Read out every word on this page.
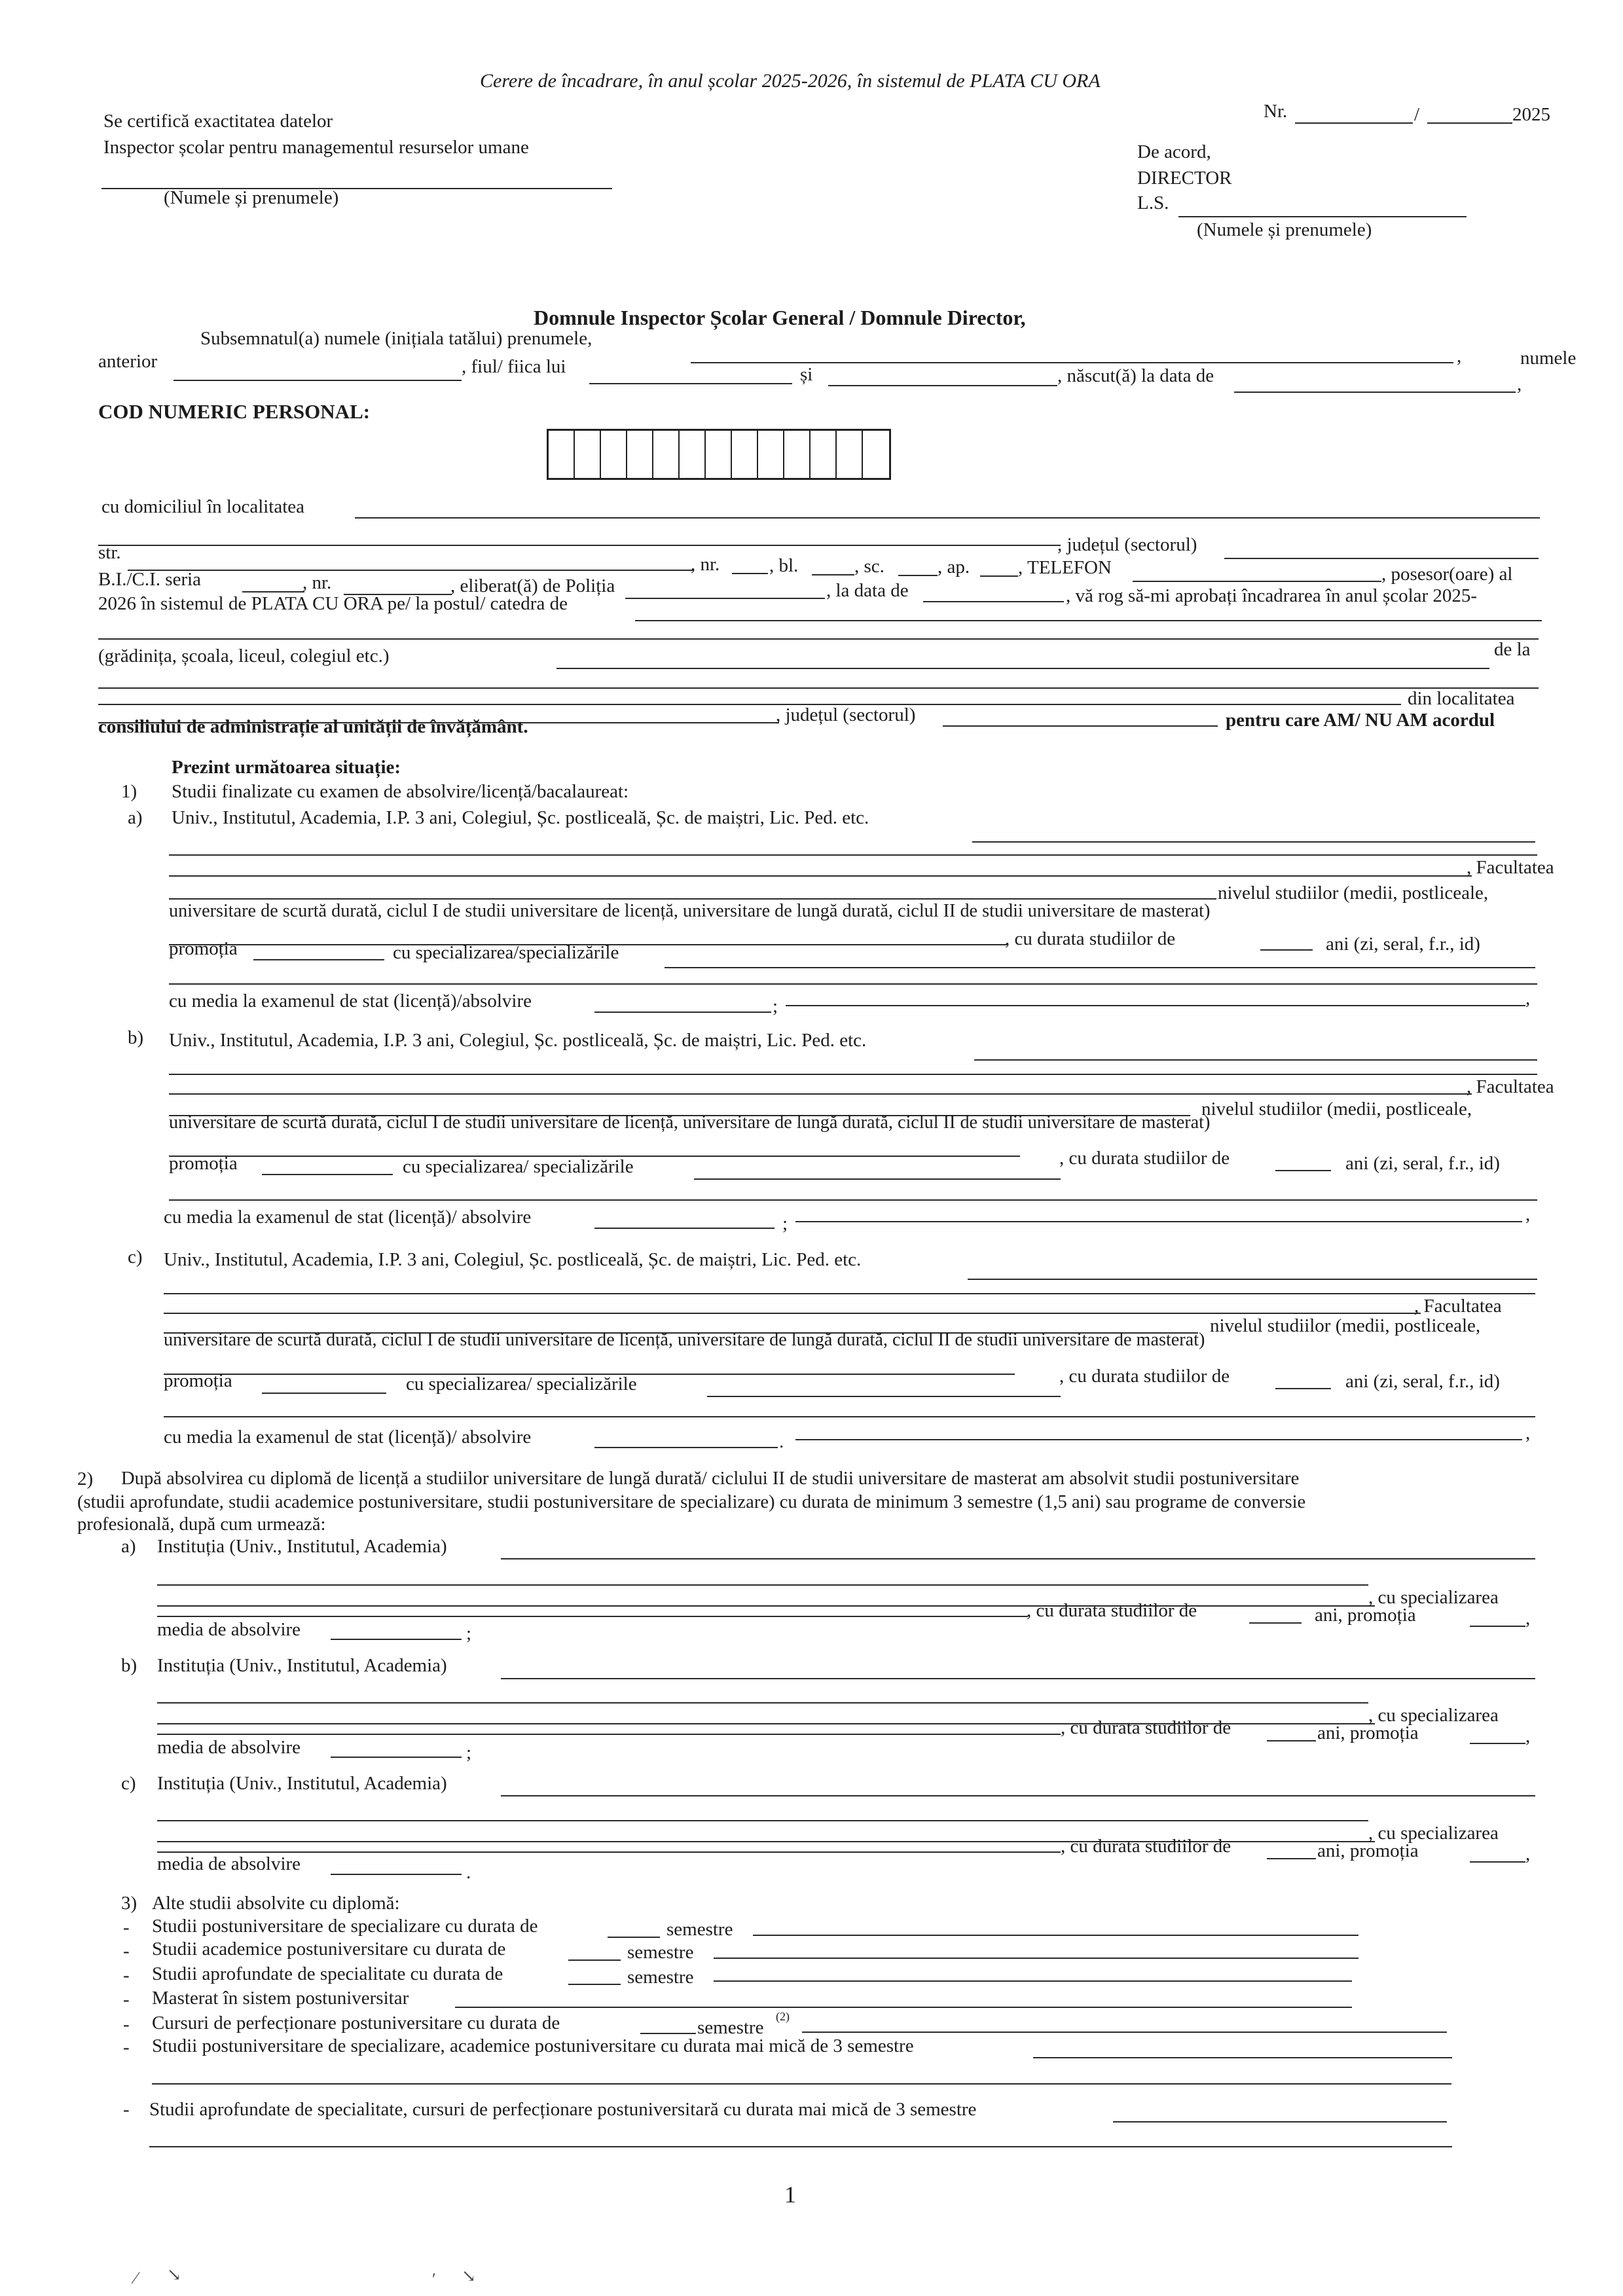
Cerere de încadrare, în anul școlar 2025-2026, în sistemul de PLATA CU ORA
Se certifică exactitatea datelor
Inspector școlar pentru managementul resurselor umane
(Numele și prenumele)
Nr.	/	2025
De acord,
DIRECTOR
L.S.
(Numele și prenumele)
Domnule Inspector Școlar General / Domnule Director,
Subsemnatul(a) numele (inițiala tatălui) prenumele,
,	numele
anterior	, fiul/ fiica lui	și	, născut(ă) la data de	,
COD NUMERIC PERSONAL:
cu domiciliul în localitatea
, județul (sectorul)
str.
, nr.	, bl.	, sc.	, ap.	, TELEFON	, posesor(oare) al
B.I./C.I. seria	, nr.	, eliberat(ă) de Poliția	, la data de	, vă rog să-mi aprobați încadrarea în anul școlar 2025-
2026 în sistemul de PLATA CU ORA pe/ la postul/ catedra de
(grădinița, școala, liceul, colegiul etc.)	de la
din localitatea
, județul (sectorul)	pentru care AM/ NU AM acordul
consiliului de administrație al unității de învățământ.
Prezint următoarea situație:
1) Studii finalizate cu examen de absolvire/licență/bacalaureat:
a) Univ., Institutul, Academia, I.P. 3 ani, Colegiul, Șc. postliceală, Șc. de maiștri, Lic. Ped. etc.
, Facultatea
nivelul studiilor (medii, postliceale,
universitare de scurtă durată, ciclul I de studii universitare de licență, universitare de lungă durată, ciclul II de studii universitare de masterat)
, cu durata studiilor de	ani (zi, seral, f.r., id)
promoția	cu specializarea/specializările
cu media la examenul de stat (licență)/absolvire	;	,
b) Univ., Institutul, Academia, I.P. 3 ani, Colegiul, Șc. postliceală, Șc. de maiștri, Lic. Ped. etc.
, Facultatea
nivelul studiilor (medii, postliceale,
universitare de scurtă durată, ciclul I de studii universitare de licență, universitare de lungă durată, ciclul II de studii universitare de masterat)
promoția	cu specializarea/ specializările	, cu durata studiilor de	ani (zi, seral, f.r., id)
cu media la examenul de stat (licență)/ absolvire	;	,
c) Univ., Institutul, Academia, I.P. 3 ani, Colegiul, Șc. postliceală, Șc. de maiștri, Lic. Ped. etc.
, Facultatea
nivelul studiilor (medii, postliceale,
universitare de scurtă durată, ciclul I de studii universitare de licență, universitare de lungă durată, ciclul II de studii universitare de masterat)
promoția	cu specializarea/ specializările	, cu durata studiilor de	ani (zi, seral, f.r., id)
cu media la examenul de stat (licență)/ absolvire	.	,
2) După absolvirea cu diplomă de licență a studiilor universitare de lungă durată/ ciclului II de studii universitare de masterat am absolvit studii postuniversitare
(studii aprofundate, studii academice postuniversitare, studii postuniversitare de specializare) cu durata de minimum 3 semestre (1,5 ani) sau programe de conversie
profesională, după cum urmează:
a) Instituția (Univ., Institutul, Academia)
, cu specializarea
, cu durata studiilor de	ani, promoția	,
media de absolvire	;
b) Instituția (Univ., Institutul, Academia)
, cu specializarea
, cu durata studiilor de	ani, promoția	,
media de absolvire	;
c) Instituția (Univ., Institutul, Academia)
, cu specializarea
, cu durata studiilor de	ani, promoția	,
media de absolvire	.
3) Alte studii absolvite cu diplomă:
- Studii postuniversitare de specializare cu durata de	semestre
- Studii academice postuniversitare cu durata de	semestre
- Studii aprofundate de specialitate cu durata de	semestre
- Masterat în sistem postuniversitar
- Cursuri de perfecționare postuniversitare cu durata de	semestre
(2)
- Studii postuniversitare de specializare, academice postuniversitare cu durata mai mică de 3 semestre
- Studii aprofundate de specialitate, cursuri de perfecționare postuniversitară cu durata mai mică de 3 semestre
1
⁄ ↘	′ ↘
